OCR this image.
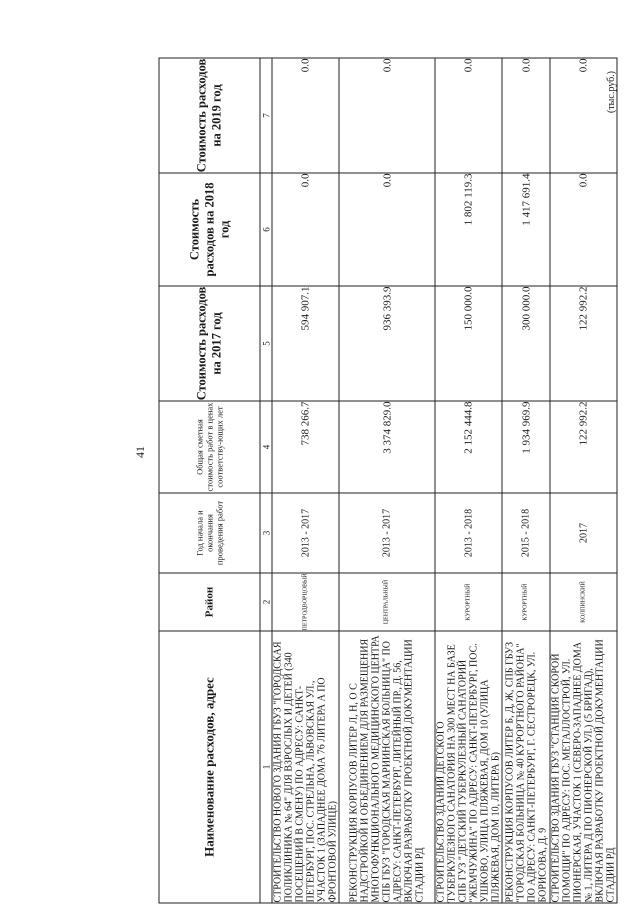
41
(тыс.руб.)
Наименование расходов, адрес	Район	Год начала и окончания проведения работ	Общая сметная стоимость работ в ценах соответству-ющих лет	Стоимость расходов на 2017 год	Стоимость расходов на 2018 год	Стоимость расходов на 2019 год
1	2	3	4	5	6	7
СТРОИТЕЛЬСТВО НОВОГО ЗДАНИЯ ГБУЗ "ГОРОДСКАЯ ПОЛИКЛИНИКА № 64" ДЛЯ ВЗРОСЛЫХ И ДЕТЕЙ (340 ПОСЕЩЕНИЙ В СМЕНУ) ПО АДРЕСУ: САНКТ-ПЕТЕРБУРГ, ПОС. СТРЕЛЬНА, ЛЬВОВСКАЯ УЛ., УЧАСТОК 1 (ЗАПАДНЕЕ ДОМА 76 ЛИТЕРА А ПО ФРОНТОВОЙ УЛИЦЕ)	ПЕТРОДВОРЦОВЫЙ	2013 - 2017	738 266.7	594 907.1	0.0	0.0
РЕКОНСТРУКЦИЯ КОРПУСОВ ЛИТЕР Л, Н, О С НАДСТРОЙКОЙ И ОБЪЕДИНЕНИЕМ ДЛЯ РАЗМЕЩЕНИЯ МНОГОФУНКЦИОНАЛЬНОГО МЕДИЦИНСКОГО ЦЕНТРА СПБ ГБУЗ "ГОРОДСКАЯ МАРИИНСКАЯ БОЛЬНИЦА" ПО АДРЕСУ: САНКТ-ПЕТЕРБУРГ, ЛИТЕЙНЫЙ ПР., Д. 56, ВКЛЮЧАЯ РАЗРАБОТКУ ПРОЕКТНОЙ ДОКУМЕНТАЦИИ СТАДИИ РД	ЦЕНТРАЛЬНЫЙ	2013 - 2017	3 374 829.0	936 393.9	0.0	0.0
СТРОИТЕЛЬСТВО ЗДАНИЙ ДЕТСКОГО ТУБЕРКУЛЕЗНОГО САНАТОРИЯ НА 300 МЕСТ НА БАЗЕ СПБ ГУЗ "ДЕТСКИЙ ТУБЕРКУЛЕЗНЫЙ САНАТОРИЙ "ЖЕМЧУЖИНА" ПО АДРЕСУ: САНКТ-ПЕТЕРБУРГ, ПОС. УШКОВО, УЛИЦА ПЛЯЖЕВАЯ, ДОМ 10 (УЛИЦА ПЛЯЖЕВАЯ, ДОМ 10, ЛИТЕРА Б)	КУРОРТНЫЙ	2013 - 2018	2 152 444.8	150 000.0	1 802 119.3	0.0
РЕКОНСТРУКЦИЯ КОРПУСОВ ЛИТЕР Б, Д, Ж, СПБ ГБУЗ "ГОРОДСКАЯ БОЛЬНИЦА № 40 КУРОРТНОГО РАЙОНА" ПО АДРЕСУ: САНКТ-ПЕТЕРБУРГ, Г. СЕСТРОРЕЦК, УЛ. БОРИСОВА, Д. 9	КУРОРТНЫЙ	2015 - 2018	1 934 969.9	300 000.0	1 417 691.4	0.0
СТРОИТЕЛЬСТВО ЗДАНИЯ ГБУЗ "СТАНЦИЯ СКОРОЙ ПОМОЩИ" ПО АДРЕСУ: ПОС. МЕТАЛЛОСТРОЙ, УЛ. ПИОНЕРСКАЯ, УЧАСТОК 1 (СЕВЕРО-ЗАПАДНЕЕ ДОМА № 1, ЛИТЕРА Д ПО ПИОНЕРСКОЙ УЛ.) (5 БРИГАД), ВКЛЮЧАЯ РАЗРАБОТКУ ПРОЕКТНОЙ ДОКУМЕНТАЦИИ СТАДИИ РД	КОЛПИНСКИЙ	2017	122 992.2	122 992.2	0.0	0.0
